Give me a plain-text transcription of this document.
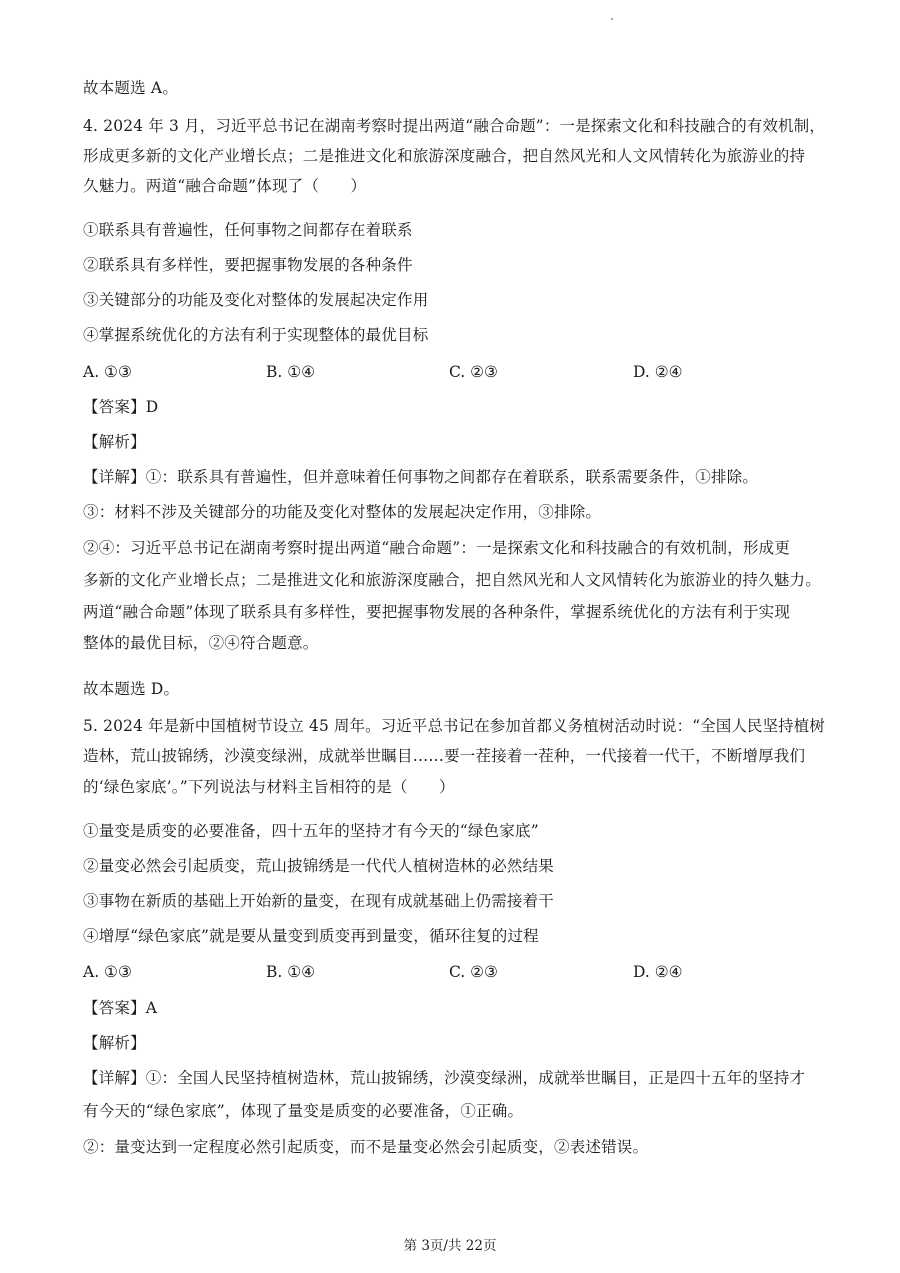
故本题选 A。
4. 2024 年 3 月，习近平总书记在湖南考察时提出两道“融合命题”：一是探索文化和科技融合的有效机制，
形成更多新的文化产业增长点；二是推进文化和旅游深度融合，把自然风光和人文风情转化为旅游业的持
久魅力。两道“融合命题”体现了（　　）
①联系具有普遍性，任何事物之间都存在着联系
②联系具有多样性，要把握事物发展的各种条件
③关键部分的功能及变化对整体的发展起决定作用
④掌握系统优化的方法有利于实现整体的最优目标
A. ①③	B. ①④	C. ②③	D. ②④
【答案】D
【解析】
【详解】①：联系具有普遍性，但并意味着任何事物之间都存在着联系，联系需要条件，①排除。
③：材料不涉及关键部分的功能及变化对整体的发展起决定作用，③排除。
②④：习近平总书记在湖南考察时提出两道“融合命题”：一是探索文化和科技融合的有效机制，形成更
多新的文化产业增长点；二是推进文化和旅游深度融合，把自然风光和人文风情转化为旅游业的持久魅力。
两道“融合命题”体现了联系具有多样性，要把握事物发展的各种条件，掌握系统优化的方法有利于实现
整体的最优目标，②④符合题意。
故本题选 D。
5. 2024 年是新中国植树节设立 45 周年。习近平总书记在参加首都义务植树活动时说：“全国人民坚持植树
造林，荒山披锦绣，沙漠变绿洲，成就举世瞩目……要一茬接着一茬种，一代接着一代干，不断增厚我们
的‘绿色家底’。”下列说法与材料主旨相符的是（　　）
①量变是质变的必要准备，四十五年的坚持才有今天的“绿色家底”
②量变必然会引起质变，荒山披锦绣是一代代人植树造林的必然结果
③事物在新质的基础上开始新的量变，在现有成就基础上仍需接着干
④增厚“绿色家底”就是要从量变到质变再到量变，循环往复的过程
A. ①③	B. ①④	C. ②③	D. ②④
【答案】A
【解析】
【详解】①：全国人民坚持植树造林，荒山披锦绣，沙漠变绿洲，成就举世瞩目，正是四十五年的坚持才
有今天的“绿色家底”，体现了量变是质变的必要准备，①正确。
②：量变达到一定程度必然引起质变，而不是量变必然会引起质变，②表述错误。
第 3页/共 22页
